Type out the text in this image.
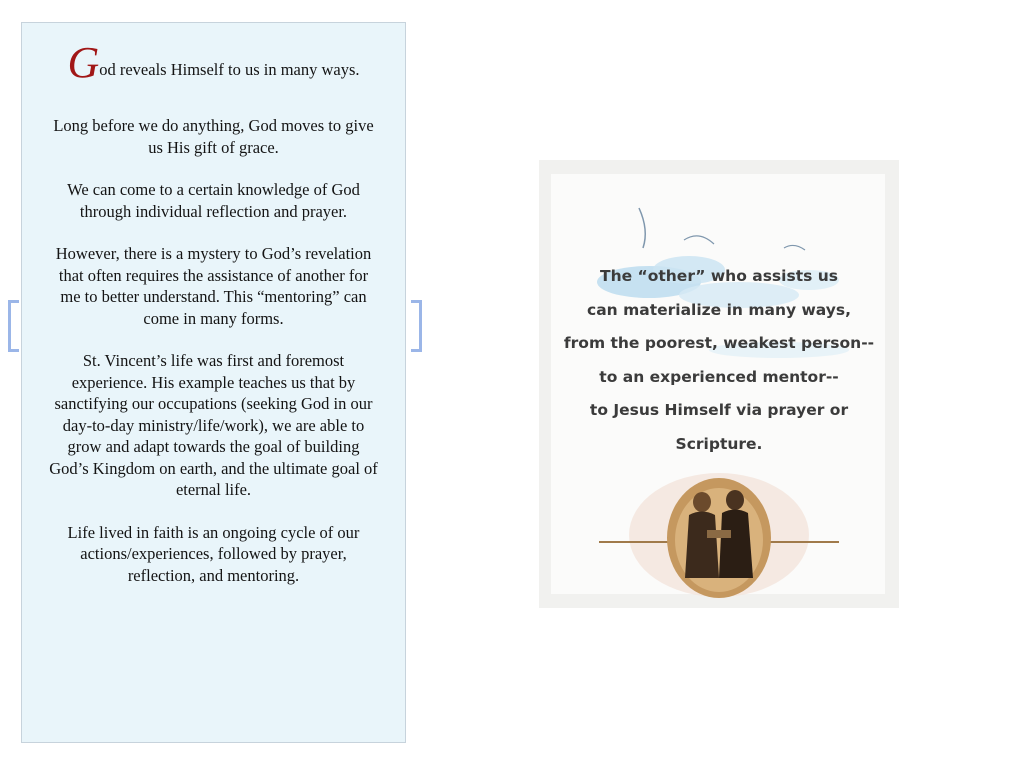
God reveals Himself to us in many ways.

Long before we do anything, God moves to give us His gift of grace.

We can come to a certain knowledge of God through individual reflection and prayer.

However, there is a mystery to God’s revelation that often requires the assistance of another for me to better understand. This “mentoring” can come in many forms.

St. Vincent’s life was first and foremost experience. His example teaches us that by sanctifying our occupations (seeking God in our day-to-day ministry/life/work), we are able to grow and adapt towards the goal of building God’s Kingdom on earth, and the ultimate goal of eternal life.

Life lived in faith is an ongoing cycle of our actions/experiences, followed by prayer, reflection, and mentoring.

The “other” who assists us
can materialize in many ways,
from the poorest, weakest person--
to an experienced mentor--
to Jesus Himself via prayer or
Scripture.
